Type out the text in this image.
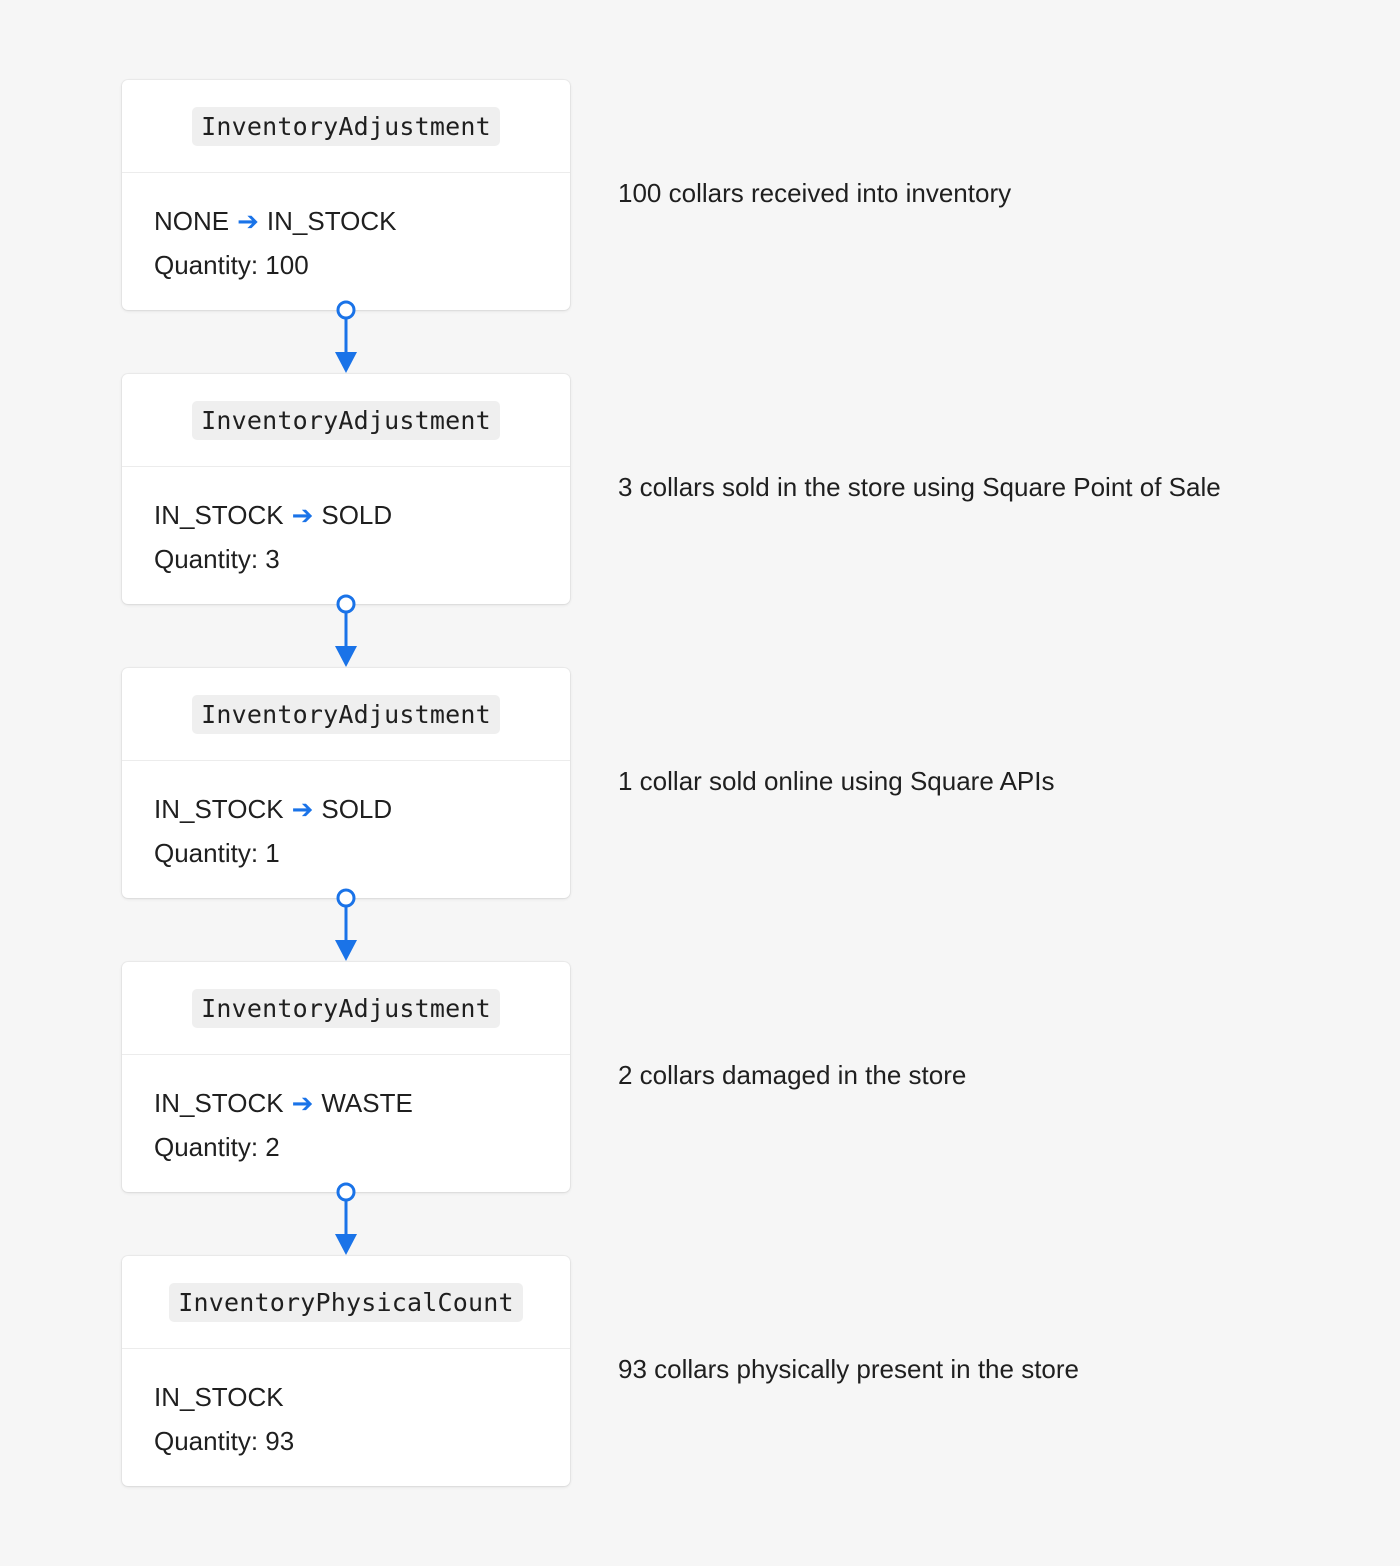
InventoryAdjustment
NONE ➔ IN_STOCK
Quantity: 100
100 collars received into inventory
InventoryAdjustment
IN_STOCK ➔ SOLD
Quantity: 3
3 collars sold in the store using Square Point of Sale
InventoryAdjustment
IN_STOCK ➔ SOLD
Quantity: 1
1 collar sold online using Square APIs
InventoryAdjustment
IN_STOCK ➔ WASTE
Quantity: 2
2 collars damaged in the store
InventoryPhysicalCount
IN_STOCK
Quantity: 93
93 collars physically present in the store
